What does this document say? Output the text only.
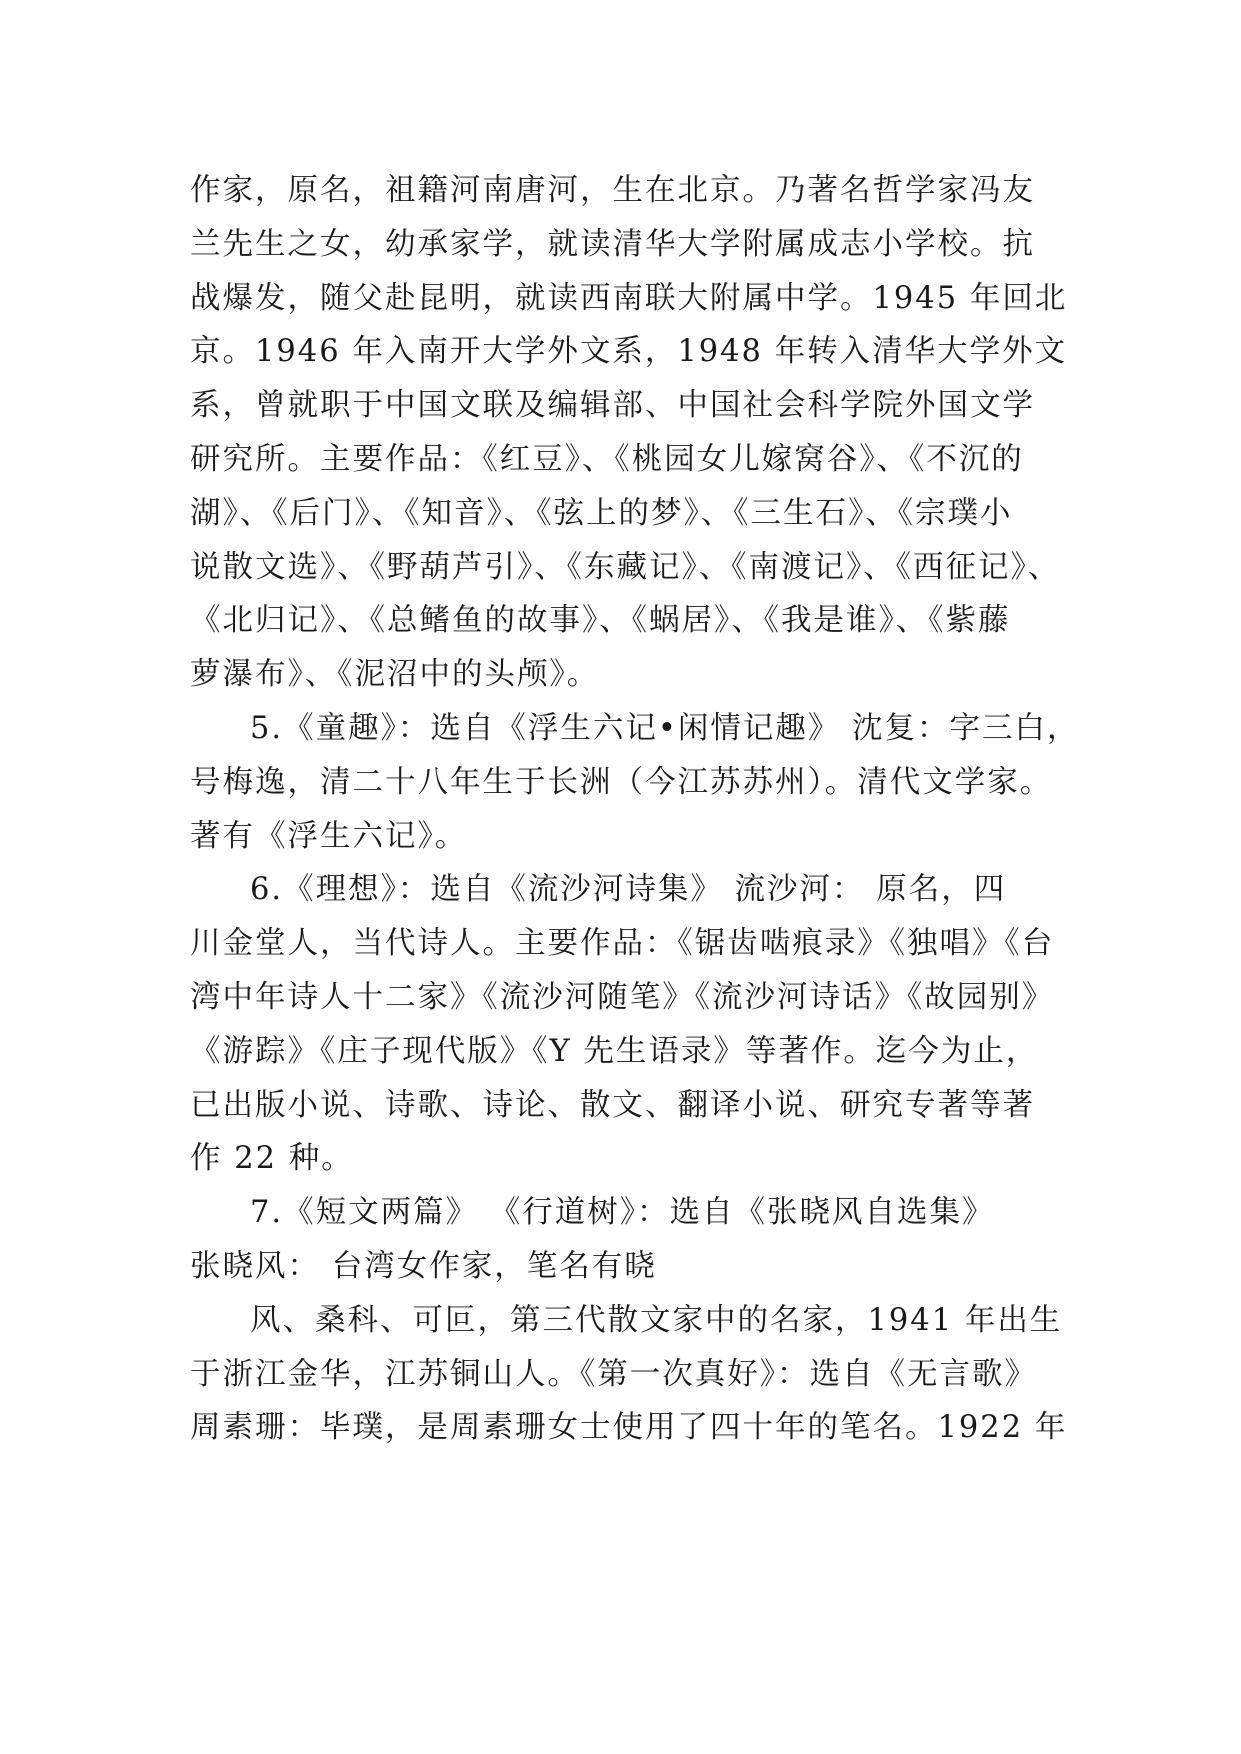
作家，原名，祖籍河南唐河，生在北京。乃著名哲学家冯友
兰先生之女，幼承家学，就读清华大学附属成志小学校。抗
战爆发，随父赴昆明，就读西南联大附属中学。1945 年回北
京。1946 年入南开大学外文系，1948 年转入清华大学外文
系，曾就职于中国文联及编辑部、中国社会科学院外国文学
研究所。主要作品：《红豆》、《桃园女儿嫁窝谷》、《不沉的
湖》、《后门》、《知音》、《弦上的梦》、《三生石》、《宗璞小
说散文选》、《野葫芦引》、《东藏记》、《南渡记》、《西征记》、
《北归记》、《总鳍鱼的故事》、《蜗居》、《我是谁》、《紫藤
萝瀑布》、《泥沼中的头颅》。
5.《童趣》：选自《浮生六记•闲情记趣》 沈复：字三白，
号梅逸，清二十八年生于长洲（今江苏苏州）。清代文学家。
著有《浮生六记》。
6.《理想》：选自《流沙河诗集》 流沙河： 原名，四
川金堂人，当代诗人。主要作品：《锯齿啮痕录》《独唱》《台
湾中年诗人十二家》《流沙河随笔》《流沙河诗话》《故园别》
《游踪》《庄子现代版》《Y 先生语录》等著作。迄今为止，
已出版小说、诗歌、诗论、散文、翻译小说、研究专著等著
作 22 种。
7.《短文两篇》 《行道树》：选自《张晓风自选集》
张晓风： 台湾女作家，笔名有晓
风、桑科、可叵，第三代散文家中的名家，1941 年出生
于浙江金华，江苏铜山人。《第一次真好》：选自《无言歌》
周素珊：毕璞，是周素珊女士使用了四十年的笔名。1922 年
